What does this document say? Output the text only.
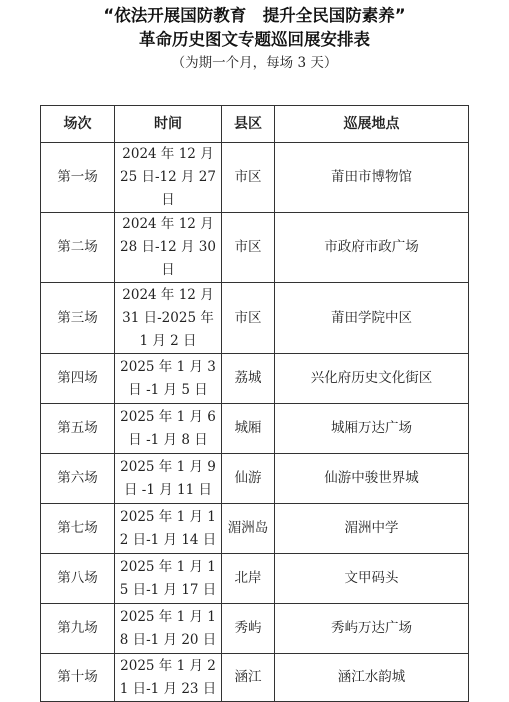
“依法开展国防教育　提升全民国防素养”
革命历史图文专题巡回展安排表
（为期一个月，每场 3 天）
场次	时间	县区	巡展地点
第一场	2024 年 12 月 25 日-12 月 27 日	市区	莆田市博物馆
第二场	2024 年 12 月 28 日-12 月 30 日	市区	市政府市政广场
第三场	2024 年 12 月 31 日-2025 年 1 月 2 日	市区	莆田学院中区
第四场	2025 年 1 月 3 日 -1 月 5 日	荔城	兴化府历史文化街区
第五场	2025 年 1 月 6 日 -1 月 8 日	城厢	城厢万达广场
第六场	2025 年 1 月 9 日 -1 月 11 日	仙游	仙游中骏世界城
第七场	2025 年 1 月 12 日-1 月 14 日	湄洲岛	湄洲中学
第八场	2025 年 1 月 15 日-1 月 17 日	北岸	文甲码头
第九场	2025 年 1 月 18 日-1 月 20 日	秀屿	秀屿万达广场
第十场	2025 年 1 月 21 日-1 月 23 日	涵江	涵江水韵城
